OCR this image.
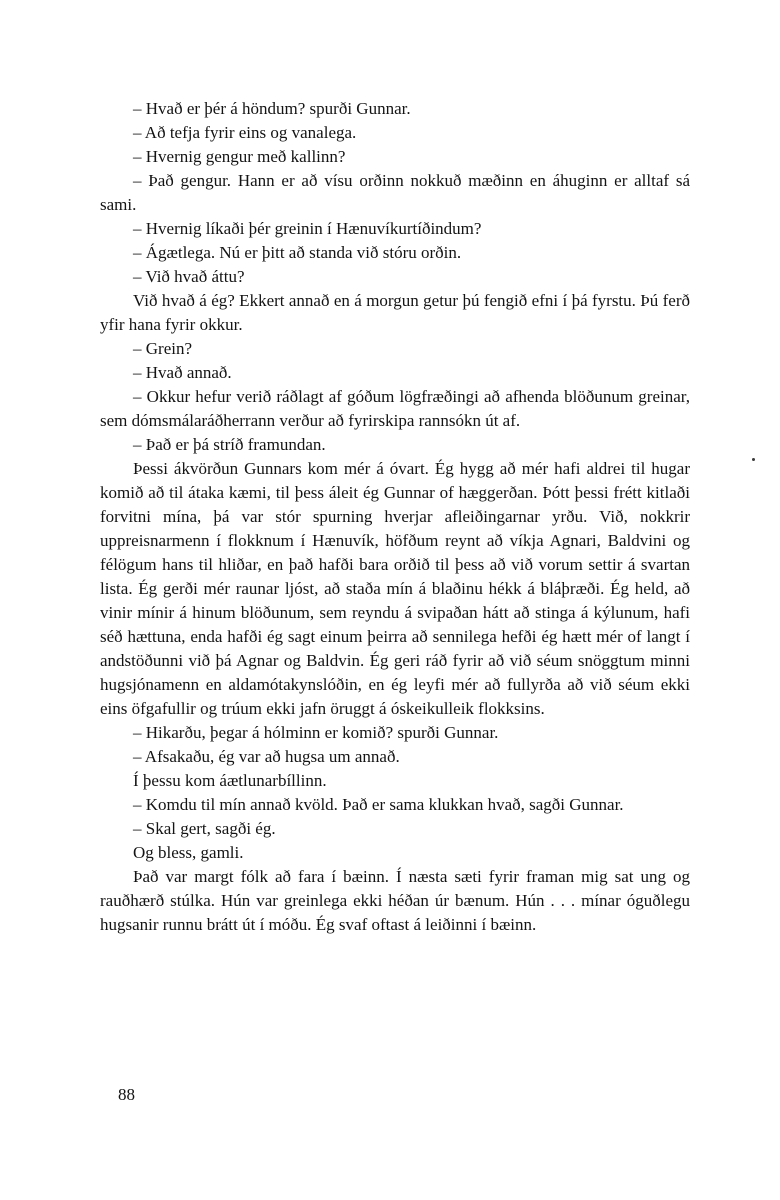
– Hvað er þér á höndum? spurði Gunnar.

– Að tefja fyrir eins og vanalega.

– Hvernig gengur með kallinn?

– Það gengur. Hann er að vísu orðinn nokkuð mæðinn en áhuginn er alltaf sá sami.

– Hvernig líkaði þér greinin í Hænuvíkurtíðindum?

– Ágætlega. Nú er þitt að standa við stóru orðin.

– Við hvað áttu?

Við hvað á ég? Ekkert annað en á morgun getur þú fengið efni í þá fyrstu. Þú ferð yfir hana fyrir okkur.

– Grein?

– Hvað annað.

– Okkur hefur verið ráðlagt af góðum lögfræðingi að afhenda blöðunum greinar, sem dómsmálaráðherrann verður að fyrirskipa rannsókn út af.

– Það er þá stríð framundan.

Þessi ákvörðun Gunnars kom mér á óvart. Ég hygg að mér hafi aldrei til hugar komið að til átaka kæmi, til þess áleit ég Gunnar of hæggerðan. Þótt þessi frétt kitlaði forvitni mína, þá var stór spurning hverjar afleiðingarnar yrðu. Við, nokkrir uppreisnarmenn í flokknum í Hænuvík, höfðum reynt að víkja Agnari, Baldvini og félögum hans til hliðar, en það hafði bara orðið til þess að við vorum settir á svartan lista. Ég gerði mér raunar ljóst, að staða mín á blaðinu hékk á bláþræði. Ég held, að vinir mínir á hinum blöðunum, sem reyndu á svipaðan hátt að stinga á kýlunum, hafi séð hættuna, enda hafði ég sagt einum þeirra að sennilega hefði ég hætt mér of langt í andstöðunni við þá Agnar og Baldvin. Ég geri ráð fyrir að við séum snöggtum minni hugsjónamenn en aldamótakynslóðin, en ég leyfi mér að fullyrða að við séum ekki eins öfgafullir og trúum ekki jafn öruggt á óskeikulleik flokksins.

– Hikarðu, þegar á hólminn er komið? spurði Gunnar.

– Afsakaðu, ég var að hugsa um annað.

Í þessu kom áætlunarbíllinn.

– Komdu til mín annað kvöld. Það er sama klukkan hvað, sagði Gunnar.

– Skal gert, sagði ég.

Og bless, gamli.

Það var margt fólk að fara í bæinn. Í næsta sæti fyrir framan mig sat ung og rauðhærð stúlka. Hún var greinlega ekki héðan úr bænum. Hún . . . mínar óguðlegu hugsanir runnu brátt út í móðu. Ég svaf oftast á leiðinni í bæinn.

88
